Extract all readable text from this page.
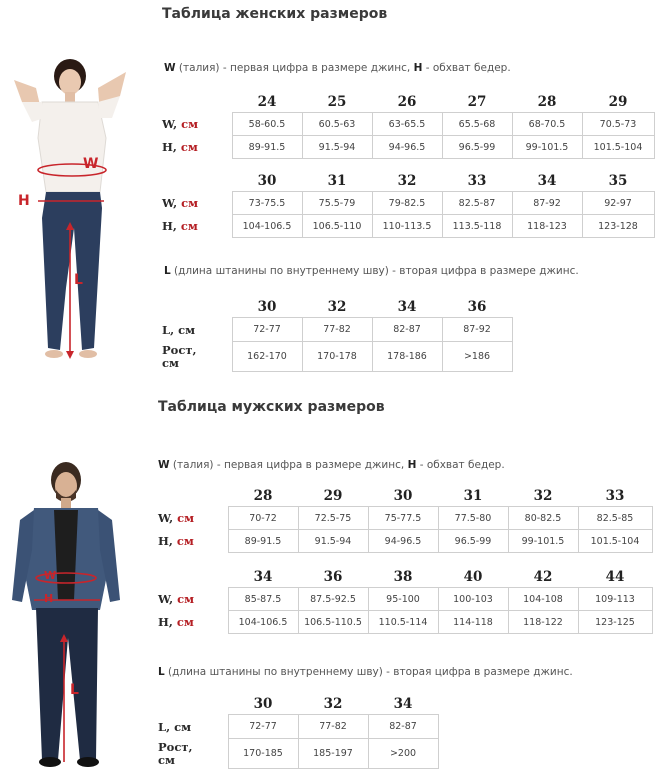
Таблица женских размеров
W
H
L
W (талия) - первая цифра в размере джинс, H - обхват бедер.
	24	25	26	27	28	29
W, см	58-60.5	60.5-63	63-65.5	65.5-68	68-70.5	70.5-73
H, см	89-91.5	91.5-94	94-96.5	96.5-99	99-101.5	101.5-104
	30	31	32	33	34	35
W, см	73-75.5	75.5-79	79-82.5	82.5-87	87-92	92-97
H, см	104-106.5	106.5-110	110-113.5	113.5-118	118-123	123-128
L (длина штанины по внутреннему шву) - вторая цифра в размере джинс.
	30	32	34	36
L, см	72-77	77-82	82-87	87-92
Рост,
см	162-170	170-178	178-186	>186
Таблица мужских размеров
W
H
L
W (талия) - первая цифра в размере джинс, H - обхват бедер.
	28	29	30	31	32	33
W, см	70-72	72.5-75	75-77.5	77.5-80	80-82.5	82.5-85
H, см	89-91.5	91.5-94	94-96.5	96.5-99	99-101.5	101.5-104
	34	36	38	40	42	44
W, см	85-87.5	87.5-92.5	95-100	100-103	104-108	109-113
H, см	104-106.5	106.5-110.5	110.5-114	114-118	118-122	123-125
L (длина штанины по внутреннему шву) - вторая цифра в размере джинс.
	30	32	34
L, см	72-77	77-82	82-87
Рост,
см	170-185	185-197	>200
